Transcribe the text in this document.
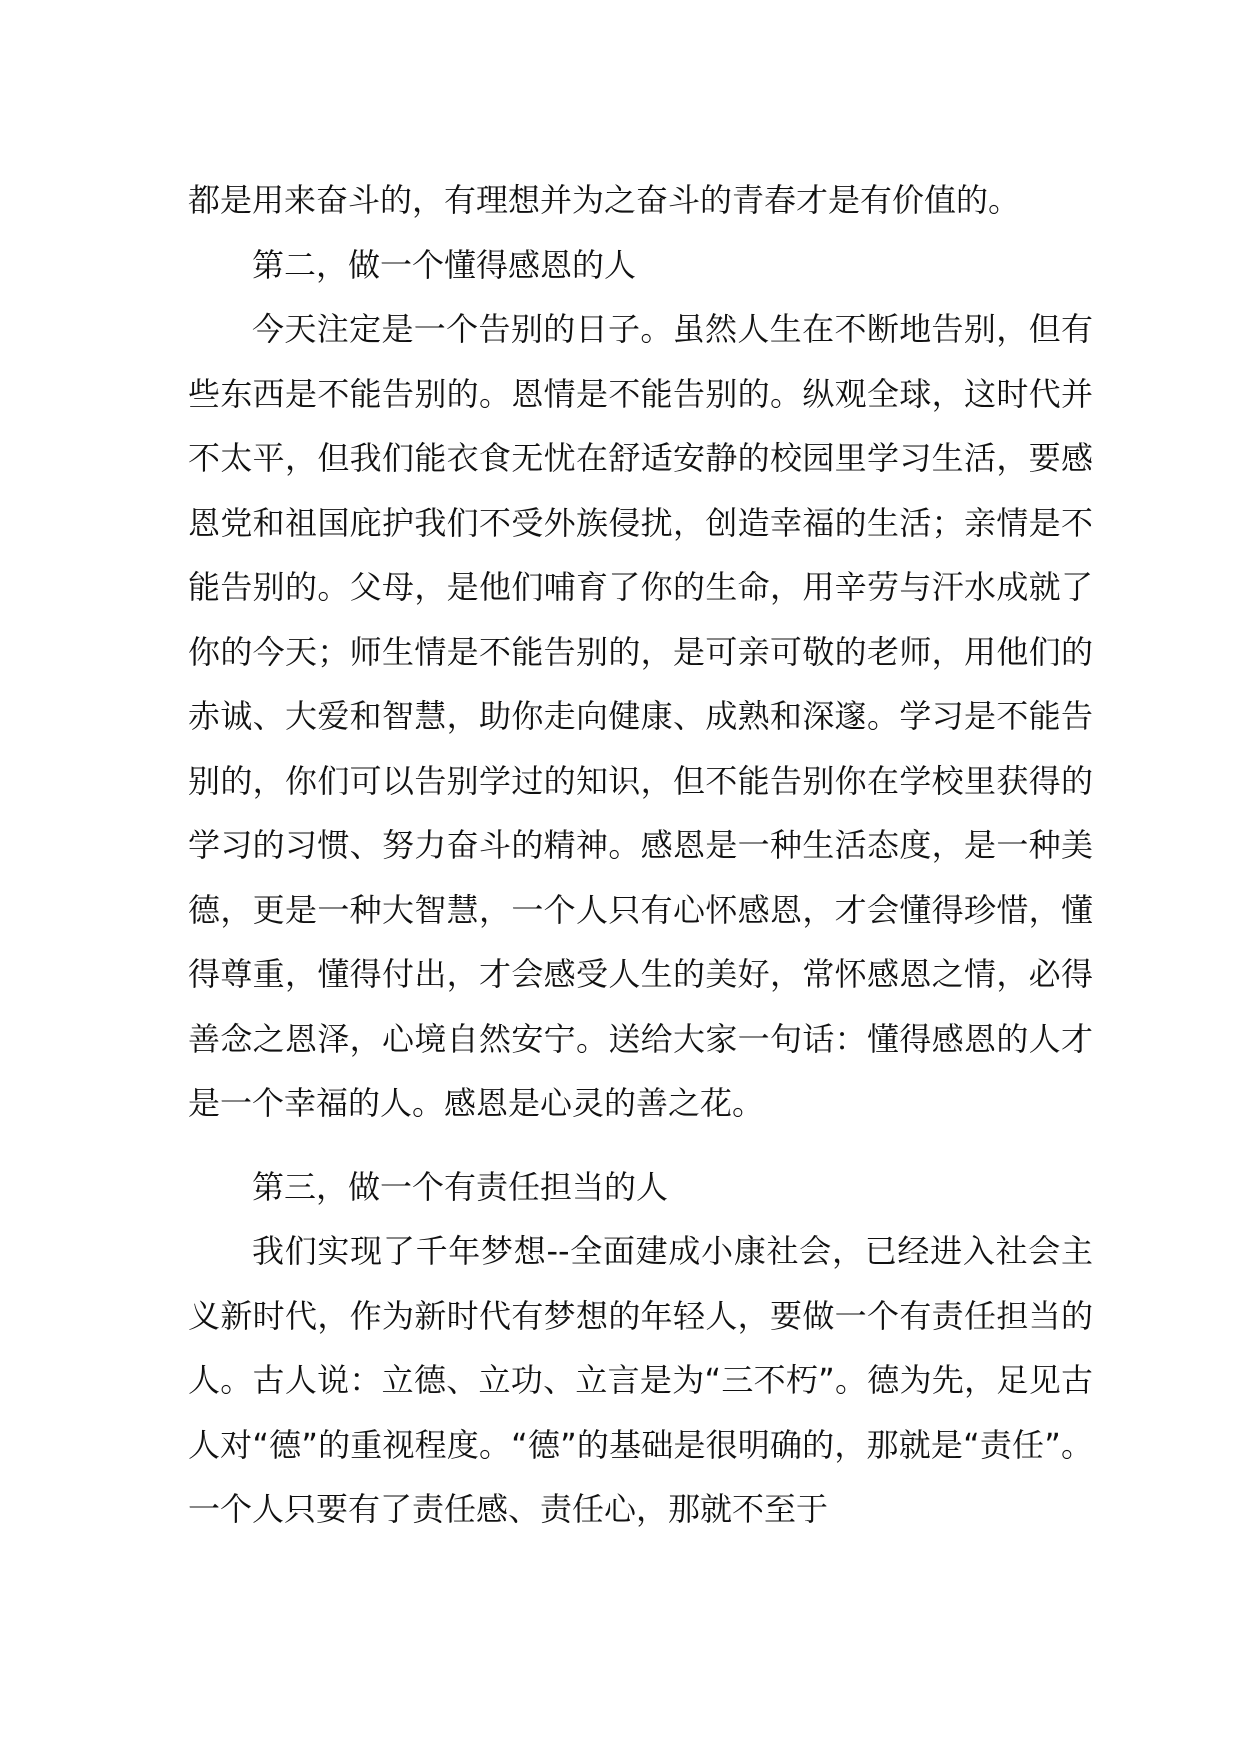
都是用来奋斗的，有理想并为之奋斗的青春才是有价值的。

第二，做一个懂得感恩的人

今天注定是一个告别的日子。虽然人生在不断地告别，但有些东西是不能告别的。恩情是不能告别的。纵观全球，这时代并不太平，但我们能衣食无忧在舒适安静的校园里学习生活，要感恩党和祖国庇护我们不受外族侵扰，创造幸福的生活；亲情是不能告别的。父母，是他们哺育了你的生命，用辛劳与汗水成就了你的今天；师生情是不能告别的，是可亲可敬的老师，用他们的赤诚、大爱和智慧，助你走向健康、成熟和深邃。学习是不能告别的，你们可以告别学过的知识，但不能告别你在学校里获得的学习的习惯、努力奋斗的精神。感恩是一种生活态度，是一种美德，更是一种大智慧，一个人只有心怀感恩，才会懂得珍惜，懂得尊重，懂得付出，才会感受人生的美好，常怀感恩之情，必得善念之恩泽，心境自然安宁。送给大家一句话：懂得感恩的人才是一个幸福的人。感恩是心灵的善之花。

第三，做一个有责任担当的人

我们实现了千年梦想--全面建成小康社会，已经进入社会主义新时代，作为新时代有梦想的年轻人，要做一个有责任担当的人。古人说：立德、立功、立言是为“三不朽”。德为先，足见古人对“德”的重视程度。“德”的基础是很明确的，那就是“责任”。一个人只要有了责任感、责任心，那就不至于
